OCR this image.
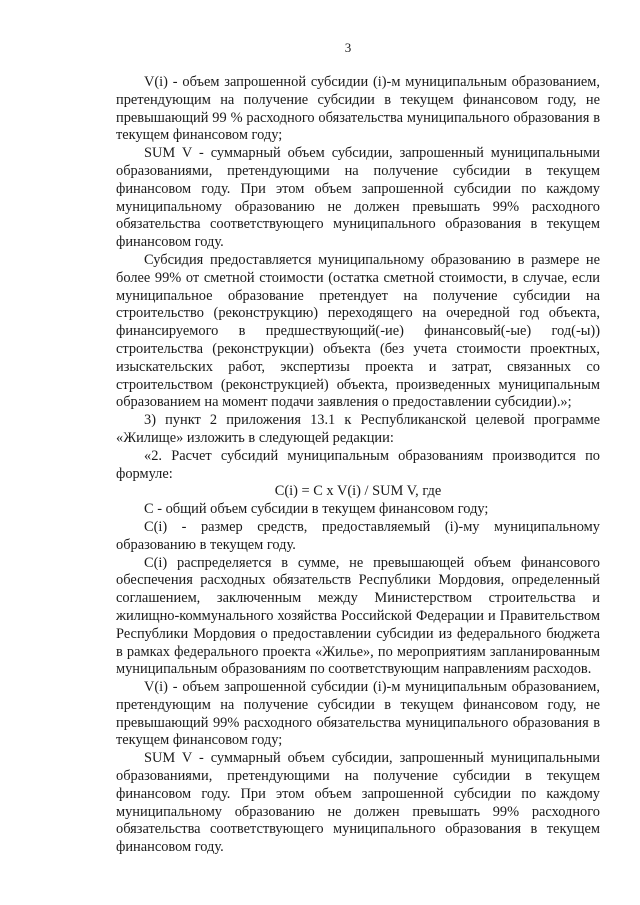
3

V(i) - объем запрошенной субсидии (i)-м муниципальным образованием, претендующим на получение субсидии в текущем финансовом году, не превышающий 99 % расходного обязательства муниципального образования в текущем финансовом году;

SUM V - суммарный объем субсидии, запрошенный муниципальными образованиями, претендующими на получение субсидии в текущем финансовом году. При этом объем запрошенной субсидии по каждому муниципальному образованию не должен превышать 99% расходного обязательства соответствующего муниципального образования в текущем финансовом году.

Субсидия предоставляется муниципальному образованию в размере не более 99% от сметной стоимости (остатка сметной стоимости, в случае, если муниципальное образование претендует на получение субсидии на строительство (реконструкцию) переходящего на очередной год объекта, финансируемого в предшествующий(-ие) финансовый(-ые) год(-ы)) строительства (реконструкции) объекта (без учета стоимости проектных, изыскательских работ, экспертизы проекта и затрат, связанных со строительством (реконструкцией) объекта, произведенных муниципальным образованием на момент подачи заявления о предоставлении субсидии).»;

3) пункт 2 приложения 13.1 к Республиканской целевой программе «Жилище» изложить в следующей редакции:

«2. Расчет субсидий муниципальным образованиям производится по формуле:

C(i) = C x V(i) / SUM V, где

C - общий объем субсидии в текущем финансовом году;

C(i) - размер средств, предоставляемый (i)-му муниципальному образованию в текущем году.

C(i) распределяется в сумме, не превышающей объем финансового обеспечения расходных обязательств Республики Мордовия, определенный соглашением, заключенным между Министерством строительства и жилищно-коммунального хозяйства Российской Федерации и Правительством Республики Мордовия о предоставлении субсидии из федерального бюджета в рамках федерального проекта «Жилье», по мероприятиям запланированным муниципальным образованиям по соответствующим направлениям расходов.

V(i) - объем запрошенной субсидии (i)-м муниципальным образованием, претендующим на получение субсидии в текущем финансовом году, не превышающий 99% расходного обязательства муниципального образования в текущем финансовом году;

SUM V - суммарный объем субсидии, запрошенный муниципальными образованиями, претендующими на получение субсидии в текущем финансовом году. При этом объем запрошенной субсидии по каждому муниципальному образованию не должен превышать 99% расходного обязательства соответствующего муниципального образования в текущем финансовом году.
